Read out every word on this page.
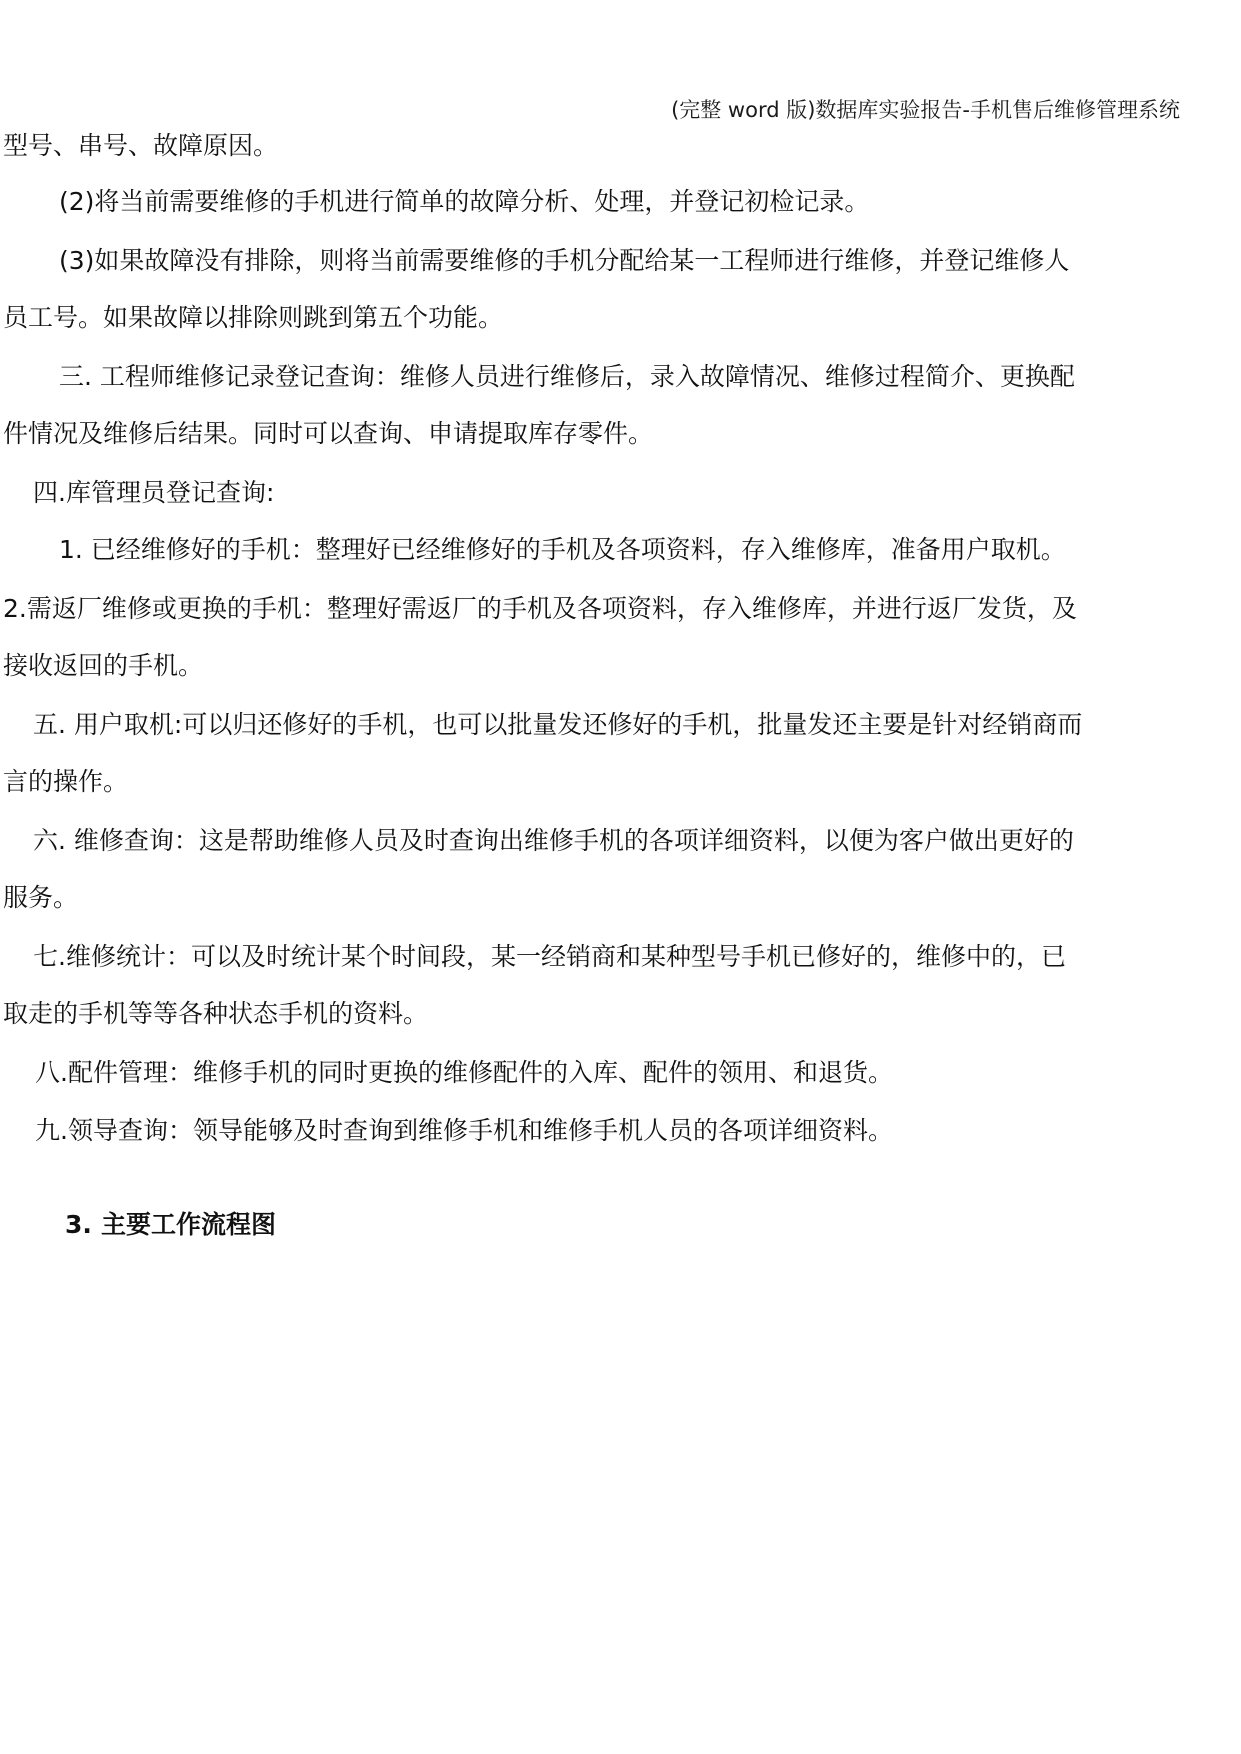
(完整 word 版)数据库实验报告-手机售后维修管理系统
型号、串号、故障原因。
(2)将当前需要维修的手机进行简单的故障分析、处理，并登记初检记录。
(3)如果故障没有排除，则将当前需要维修的手机分配给某一工程师进行维修，并登记维修人
员工号。如果故障以排除则跳到第五个功能。
三. 工程师维修记录登记查询：维修人员进行维修后，录入故障情况、维修过程简介、更换配
件情况及维修后结果。同时可以查询、申请提取库存零件。
四.库管理员登记查询:
1. 已经维修好的手机：整理好已经维修好的手机及各项资料，存入维修库，准备用户取机。
2.需返厂维修或更换的手机：整理好需返厂的手机及各项资料，存入维修库，并进行返厂发货，及
接收返回的手机。
五. 用户取机:可以归还修好的手机，也可以批量发还修好的手机，批量发还主要是针对经销商而
言的操作。
六. 维修查询：这是帮助维修人员及时查询出维修手机的各项详细资料，以便为客户做出更好的
服务。
七.维修统计：可以及时统计某个时间段，某一经销商和某种型号手机已修好的，维修中的，已
取走的手机等等各种状态手机的资料。
八.配件管理：维修手机的同时更换的维修配件的入库、配件的领用、和退货。
九.领导查询：领导能够及时查询到维修手机和维修手机人员的各项详细资料。
3. 主要工作流程图
